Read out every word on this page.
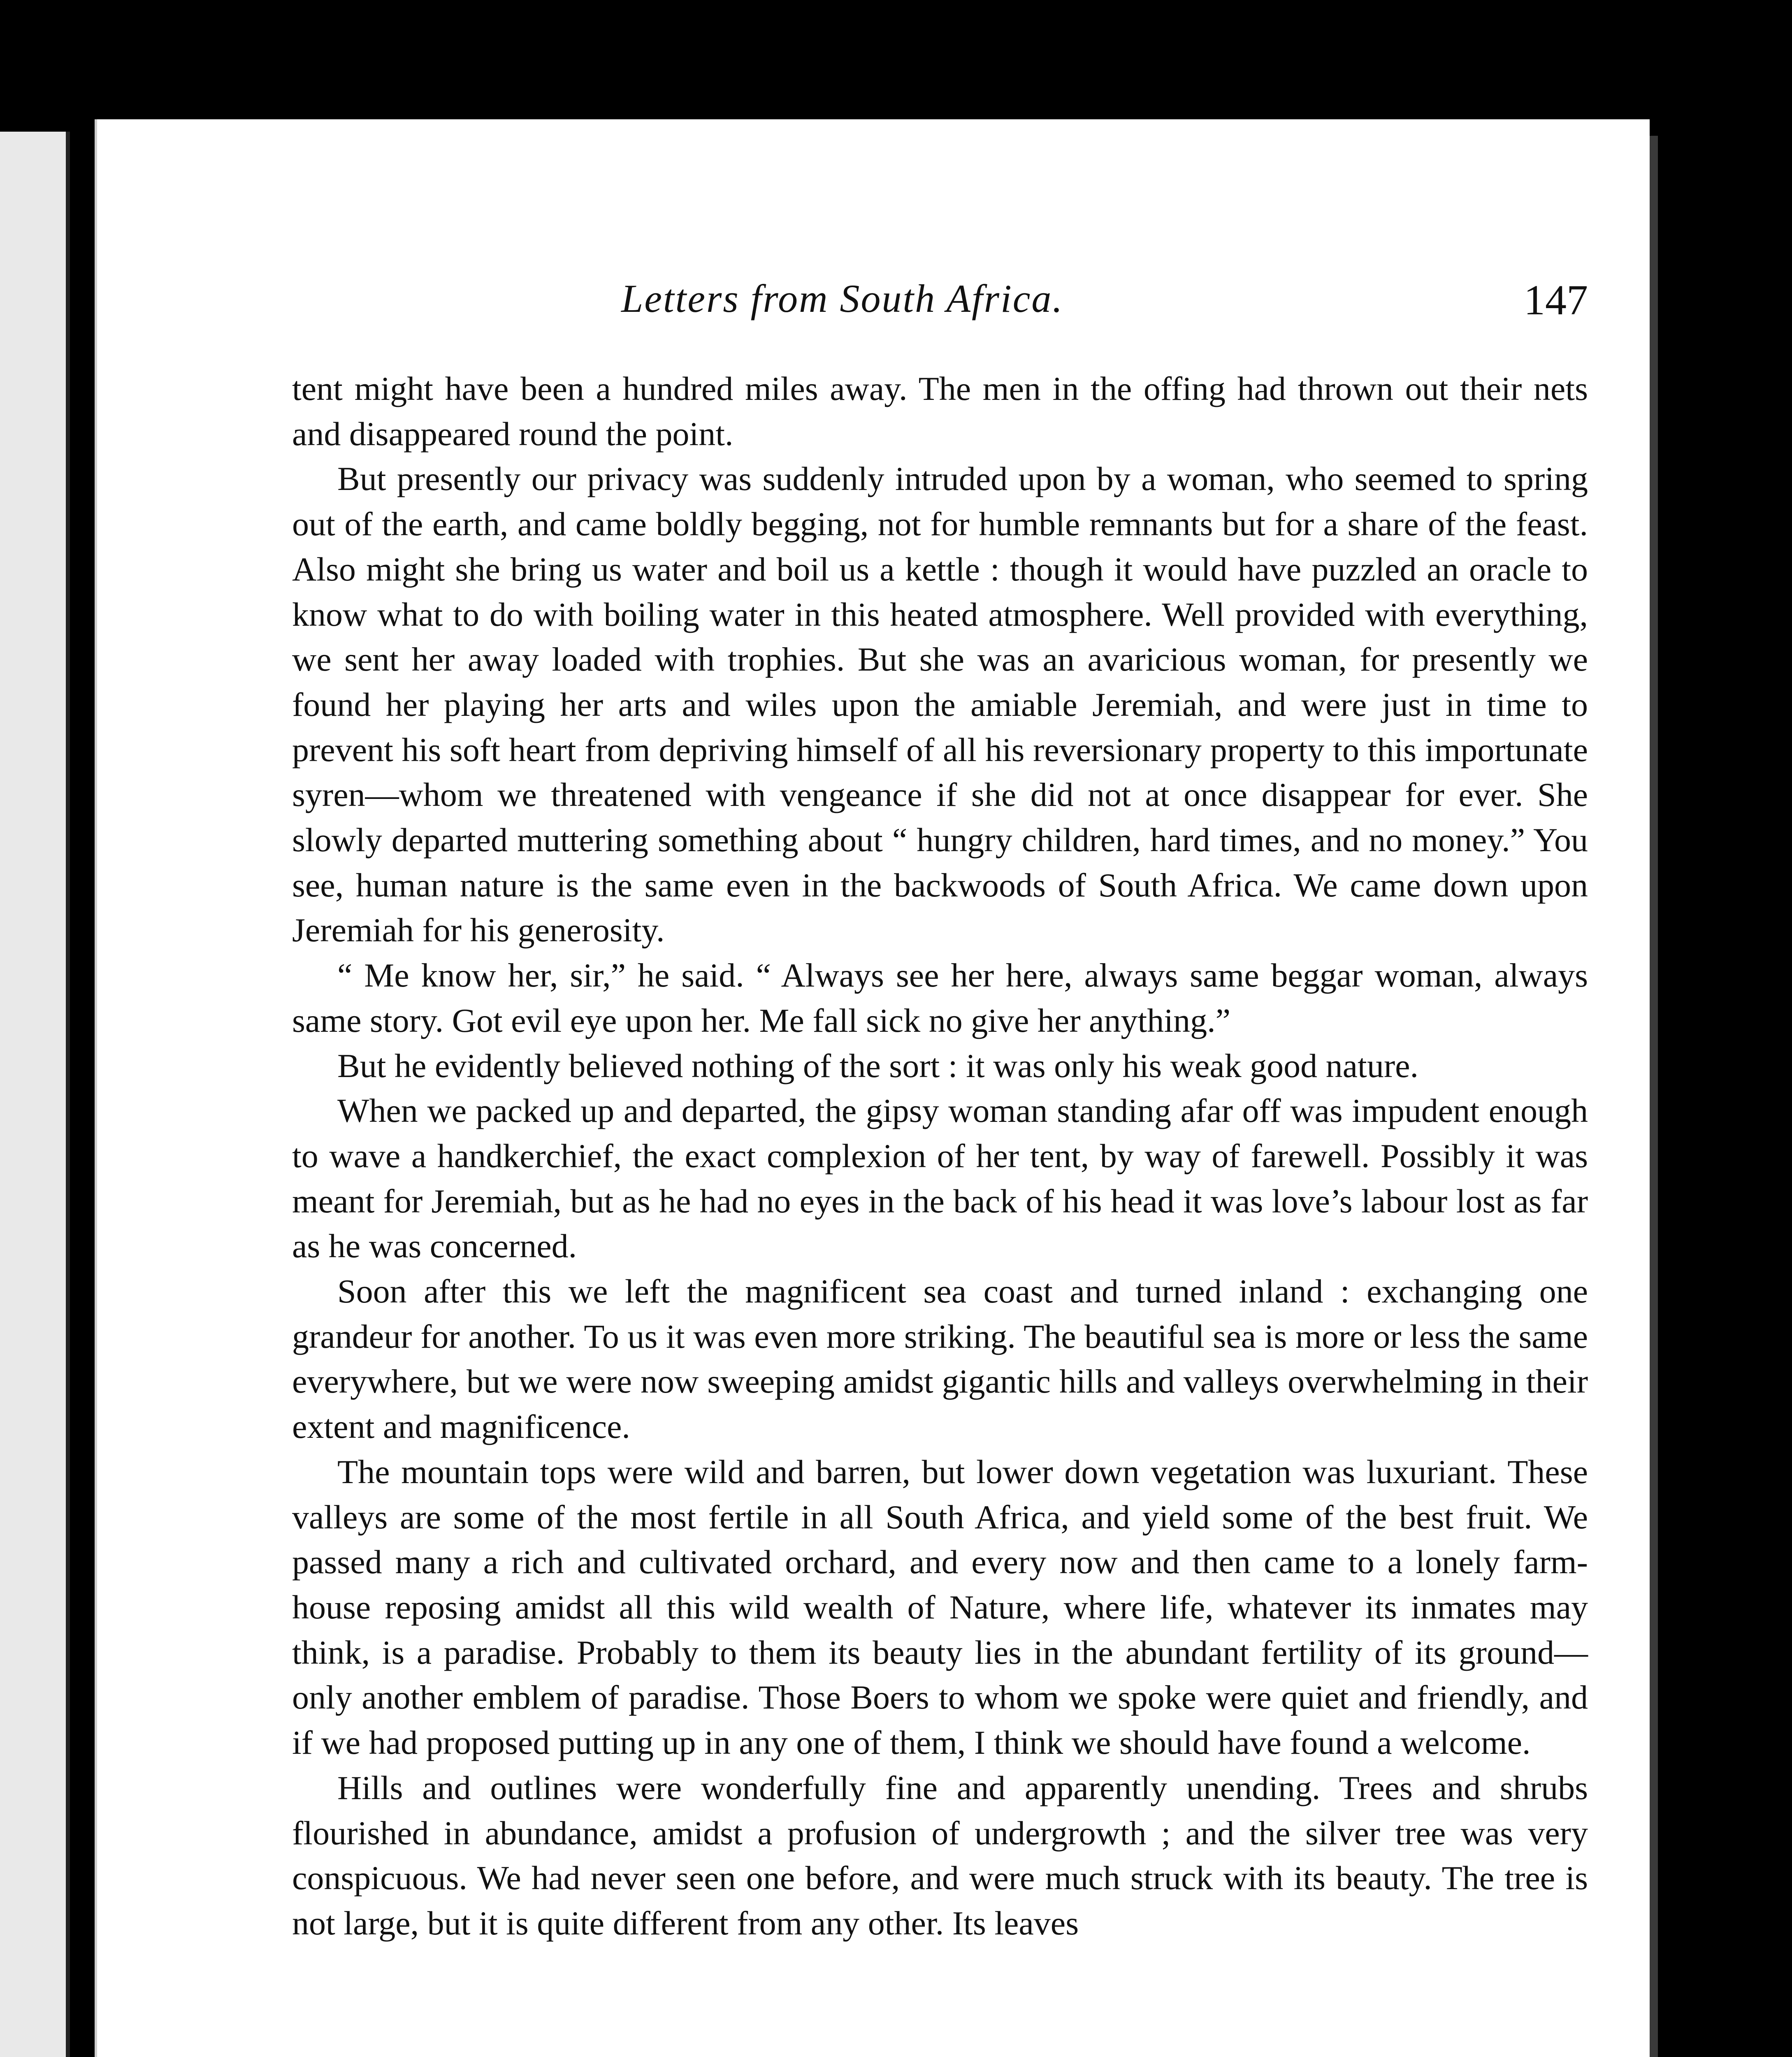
Letters from South Africa.	147

tent might have been a hundred miles away. The men in the offing had thrown out their nets and disappeared round the point.

But presently our privacy was suddenly intruded upon by a woman, who seemed to spring out of the earth, and came boldly begging, not for humble remnants but for a share of the feast. Also might she bring us water and boil us a kettle : though it would have puzzled an oracle to know what to do with boiling water in this heated atmosphere. Well provided with everything, we sent her away loaded with trophies. But she was an avaricious woman, for presently we found her playing her arts and wiles upon the amiable Jeremiah, and were just in time to prevent his soft heart from depriving himself of all his reversionary property to this importunate syren—whom we threatened with vengeance if she did not at once disappear for ever. She slowly departed muttering something about “ hungry children, hard times, and no money.” You see, human nature is the same even in the backwoods of South Africa. We came down upon Jeremiah for his generosity.

“ Me know her, sir,” he said. “ Always see her here, always same beggar woman, always same story. Got evil eye upon her. Me fall sick no give her anything.”

But he evidently believed nothing of the sort : it was only his weak good nature.

When we packed up and departed, the gipsy woman standing afar off was impudent enough to wave a handkerchief, the exact complexion of her tent, by way of farewell. Possibly it was meant for Jeremiah, but as he had no eyes in the back of his head it was love’s labour lost as far as he was concerned.

Soon after this we left the magnificent sea coast and turned inland : exchanging one grandeur for another. To us it was even more striking. The beautiful sea is more or less the same everywhere, but we were now sweeping amidst gigantic hills and valleys overwhelming in their extent and magnificence.

The mountain tops were wild and barren, but lower down vegetation was luxuriant. These valleys are some of the most fertile in all South Africa, and yield some of the best fruit. We passed many a rich and cultivated orchard, and every now and then came to a lonely farm-house reposing amidst all this wild wealth of Nature, where life, whatever its inmates may think, is a paradise. Probably to them its beauty lies in the abundant fertility of its ground—only another emblem of paradise. Those Boers to whom we spoke were quiet and friendly, and if we had proposed putting up in any one of them, I think we should have found a welcome.

Hills and outlines were wonderfully fine and apparently unending. Trees and shrubs flourished in abundance, amidst a profusion of undergrowth ; and the silver tree was very conspicuous. We had never seen one before, and were much struck with its beauty. The tree is not large, but it is quite different from any other. Its leaves
